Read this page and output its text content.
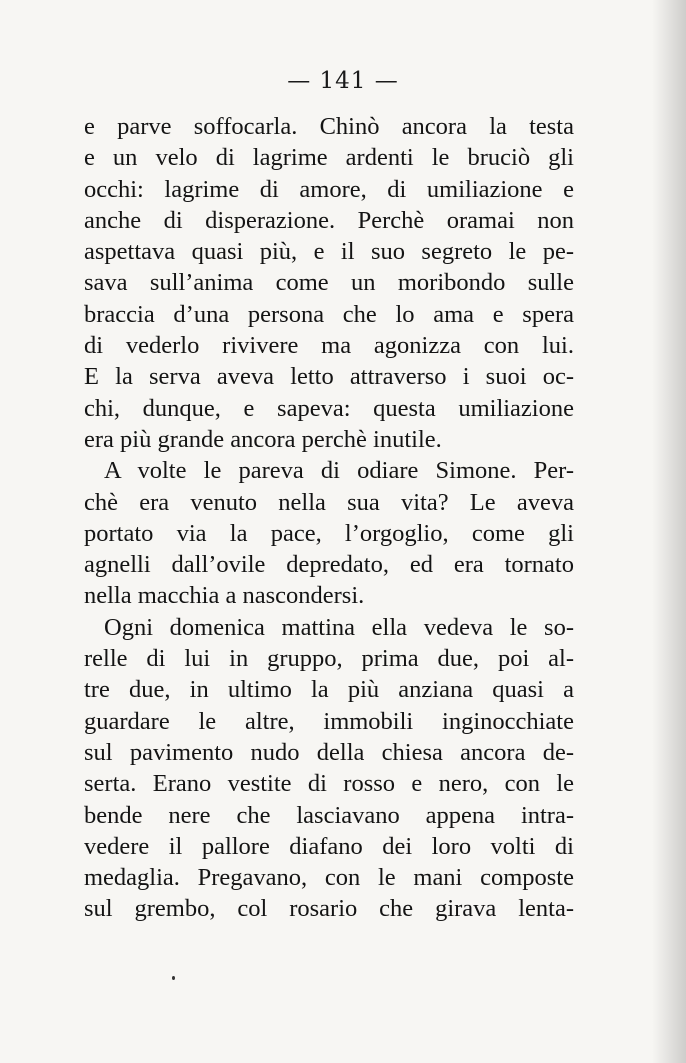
— 141 —
e parve soffocarla. Chinò ancora la testa
e un velo di lagrime ardenti le bruciò gli
occhi: lagrime di amore, di umiliazione e
anche di disperazione. Perchè oramai non
aspettava quasi più, e il suo segreto le pe-
sava sull’anima come un moribondo sulle
braccia d’una persona che lo ama e spera
di vederlo rivivere ma agonizza con lui.
E la serva aveva letto attraverso i suoi oc-
chi, dunque, e sapeva: questa umiliazione
era più grande ancora perchè inutile.
A volte le pareva di odiare Simone. Per-
chè era venuto nella sua vita? Le aveva
portato via la pace, l’orgoglio, come gli
agnelli dall’ovile depredato, ed era tornato
nella macchia a nascondersi.
Ogni domenica mattina ella vedeva le so-
relle di lui in gruppo, prima due, poi al-
tre due, in ultimo la più anziana quasi a
guardare le altre, immobili inginocchiate
sul pavimento nudo della chiesa ancora de-
serta. Erano vestite di rosso e nero, con le
bende nere che lasciavano appena intra-
vedere il pallore diafano dei loro volti di
medaglia. Pregavano, con le mani composte
sul grembo, col rosario che girava lenta-
